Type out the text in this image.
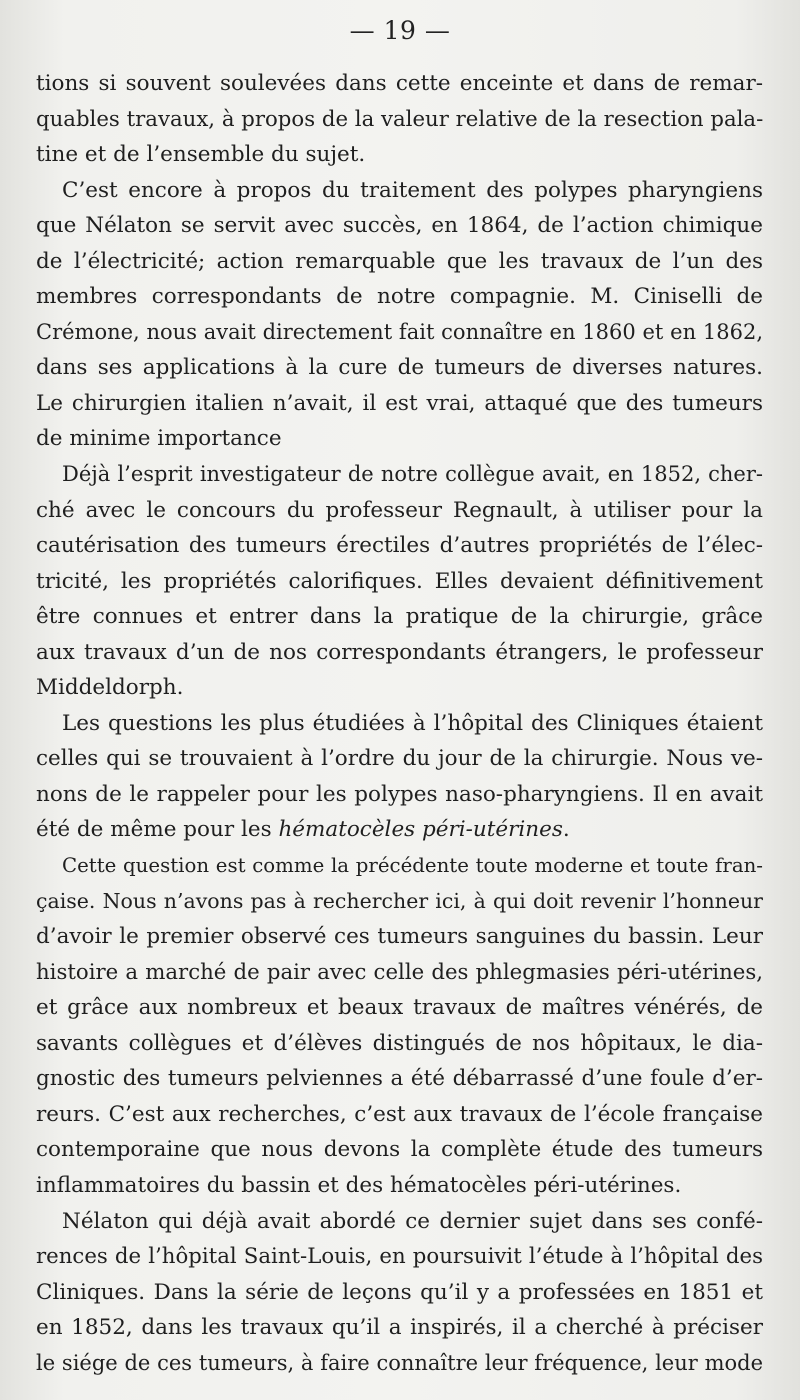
— 19 —
tions si souvent soulevées dans cette enceinte et dans de remar-
quables travaux, à propos de la valeur relative de la resection pala-
tine et de l’ensemble du sujet.
C’est encore à propos du traitement des polypes pharyngiens
que Nélaton se servit avec succès, en 1864, de l’action chimique
de l’électricité; action remarquable que les travaux de l’un des
membres correspondants de notre compagnie. M. Ciniselli de
Crémone, nous avait directement fait connaître en 1860 et en 1862,
dans ses applications à la cure de tumeurs de diverses natures.
Le chirurgien italien n’avait, il est vrai, attaqué que des tumeurs
de minime importance
Déjà l’esprit investigateur de notre collègue avait, en 1852, cher-
ché avec le concours du professeur Regnault, à utiliser pour la
cautérisation des tumeurs érectiles d’autres propriétés de l’élec-
tricité, les propriétés calorifiques. Elles devaient définitivement
être connues et entrer dans la pratique de la chirurgie, grâce
aux travaux d’un de nos correspondants étrangers, le professeur
Middeldorph.
Les questions les plus étudiées à l’hôpital des Cliniques étaient
celles qui se trouvaient à l’ordre du jour de la chirurgie. Nous ve-
nons de le rappeler pour les polypes naso-pharyngiens. Il en avait
été de même pour les hématocèles péri-utérines.
Cette question est comme la précédente toute moderne et toute fran-
çaise. Nous n’avons pas à rechercher ici, à qui doit revenir l’honneur
d’avoir le premier observé ces tumeurs sanguines du bassin. Leur
histoire a marché de pair avec celle des phlegmasies péri-utérines,
et grâce aux nombreux et beaux travaux de maîtres vénérés, de
savants collègues et d’élèves distingués de nos hôpitaux, le dia-
gnostic des tumeurs pelviennes a été débarrassé d’une foule d’er-
reurs. C’est aux recherches, c’est aux travaux de l’école française
contemporaine que nous devons la complète étude des tumeurs
inflammatoires du bassin et des hématocèles péri-utérines.
Nélaton qui déjà avait abordé ce dernier sujet dans ses confé-
rences de l’hôpital Saint-Louis, en poursuivit l’étude à l’hôpital des
Cliniques. Dans la série de leçons qu’il y a professées en 1851 et
en 1852, dans les travaux qu’il a inspirés, il a cherché à préciser
le siége de ces tumeurs, à faire connaître leur fréquence, leur mode
